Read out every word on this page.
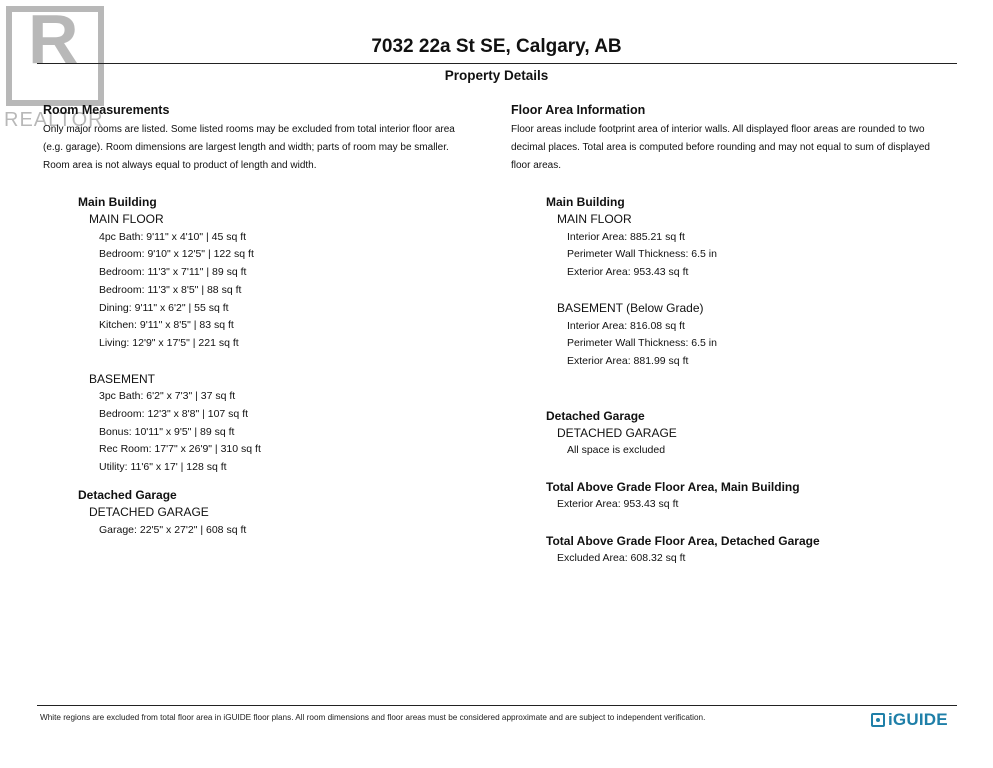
R
REALTOR
7032 22a St SE, Calgary, AB
Property Details
Room Measurements

Only major rooms are listed. Some listed rooms may be excluded from total interior floor area
(e.g. garage). Room dimensions are largest length and width; parts of room may be smaller.
Room area is not always equal to product of length and width.

Main Building
MAIN FLOOR
4pc Bath: 9'11" x 4'10" | 45 sq ft
Bedroom: 9'10" x 12'5" | 122 sq ft
Bedroom: 11'3" x 7'11" | 89 sq ft
Bedroom: 11'3" x 8'5" | 88 sq ft
Dining: 9'11" x 6'2" | 55 sq ft
Kitchen: 9'11" x 8'5" | 83 sq ft
Living: 12'9" x 17'5" | 221 sq ft
BASEMENT
3pc Bath: 6'2" x 7'3" | 37 sq ft
Bedroom: 12'3" x 8'8" | 107 sq ft
Bonus: 10'11" x 9'5" | 89 sq ft
Rec Room: 17'7" x 26'9" | 310 sq ft
Utility: 11'6" x 17' | 128 sq ft
Detached Garage
DETACHED GARAGE
Garage: 22'5" x 27'2" | 608 sq ft
Floor Area Information

Floor areas include footprint area of interior walls. All displayed floor areas are rounded to two
decimal places. Total area is computed before rounding and may not equal to sum of displayed
floor areas.

Main Building
MAIN FLOOR
Interior Area: 885.21 sq ft
Perimeter Wall Thickness: 6.5 in
Exterior Area: 953.43 sq ft
BASEMENT (Below Grade)
Interior Area: 816.08 sq ft
Perimeter Wall Thickness: 6.5 in
Exterior Area: 881.99 sq ft
Detached Garage
DETACHED GARAGE
All space is excluded
Total Above Grade Floor Area, Main Building
Exterior Area: 953.43 sq ft
Total Above Grade Floor Area, Detached Garage
Excluded Area: 608.32 sq ft
White regions are excluded from total floor area in iGUIDE floor plans. All room dimensions and floor areas must be considered approximate and are subject to independent verification.	iGUIDE
